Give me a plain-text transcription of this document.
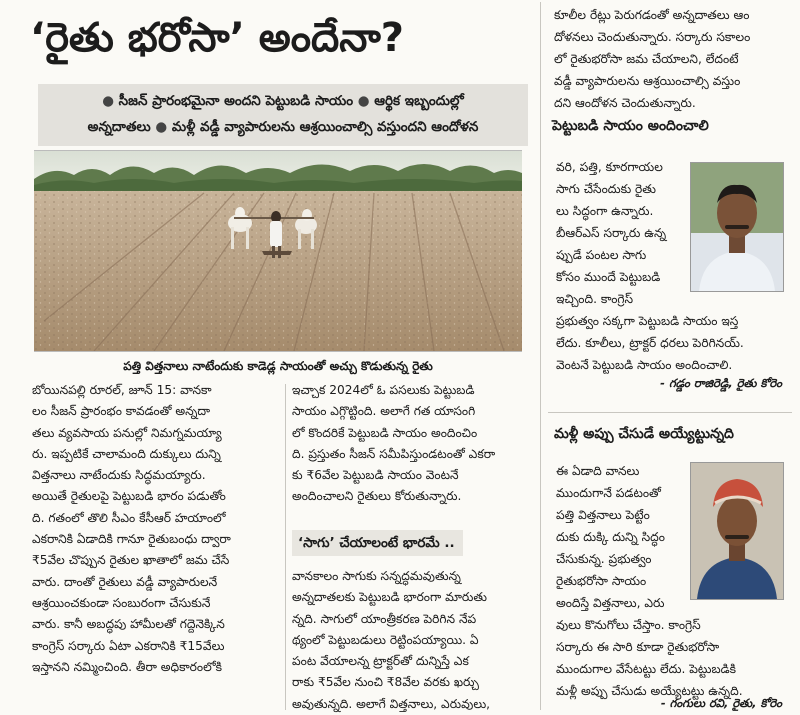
‘రైతు భరోసా’ అందేనా?
● సీజన్‌ ప్రారంభమైనా అందని పెట్టుబడి సాయం ● ఆర్థిక ఇబ్బందుల్లో
అన్నదాతలు ● మళ్లీ వడ్డీ వ్యాపారులను ఆశ్రయించాల్సి వస్తుందని ఆందోళన
పత్తి విత్తనాలు నాటేందుకు కాడెడ్ల సాయంతో అచ్చు కొడుతున్న రైతు

బోయినపల్లి రూరల్‌, జూన్‌ 15: వానకా

లం సీజన్‌ ప్రారంభం కావడంతో అన్నదా

తలు వ్యవసాయ పనుల్లో నిమగ్నమయ్యా

రు. ఇప్పటికే చాలామంది దుక్కులు దున్ని

విత్తనాలు నాటేందుకు సిద్ధమయ్యారు.

అయితే రైతులపై పెట్టుబడి భారం పడుతోం

ది. గతంలో తొలి సీఎం కేసీఆర్‌ హయాంలో

ఎకరానికి ఏడాదికి గానూ రైతుబంధు ద్వారా

₹5వేల చొప్పున రైతుల ఖాతాలో జమ చేసే

వారు. దాంతో రైతులు వడ్డీ వ్యాపారులనే

ఆశ్రయించకుండా సంబురంగా చేసుకునే

వారు. కానీ అబద్ధపు హామీలతో గద్దెనెక్కిన

కాంగ్రెస్‌ సర్కారు ఏటా ఎకరానికి ₹15వేలు

ఇస్తానని నమ్మించింది. తీరా అధికారంలోకి

ఇచ్చాక 2024లో ఓ పసలుకు పెట్టుబడి

సాయం ఎగ్గొట్టింది. అలాగే గత యాసంగి

లో కొందరికే పెట్టుబడి సాయం అందించిం

ది. ప్రస్తుతం సీజన్‌ సమీపిస్తుండటంతో ఎకరా

కు ₹6వేల పెట్టుబడి సాయం వెంటనే

అందించాలని రైతులు కోరుతున్నారు.

‘సాగు’ చేయాలంటే భారమే ..

వానకాలం సాగుకు సన్నద్ధమవుతున్న

అన్నదాతలకు పెట్టుబడి భారంగా మారుతు

న్నది. సాగులో యాంత్రీకరణ పెరిగిన నేప

థ్యంలో పెట్టుబడులు రెట్టింపయ్యాయి. ఏ

పంట వేయాలన్న ట్రాక్టర్‌తో దున్నిస్తే ఎక

రాకు ₹5వేల నుంచి ₹8వేల వరకు ఖర్చు

అవుతున్నది. అలాగే విత్తనాలు, ఎరువులు,

కూలీల రేట్లు పెరుగడంతో అన్నదాతలు ఆం
దోళనలు చెందుతున్నారు. సర్కారు సకాలం
లో రైతుభరోసా జమ చేయాలని, లేదంటే
వడ్డీ వ్యాపారులను ఆశ్రయించాల్సి వస్తుం
దని ఆందోళన చెందుతున్నారు.
పెట్టుబడి సాయం అందించాలి
వరి, పత్తి, కూరగాయల
సాగు చేసేందుకు రైతు
లు సిద్ధంగా ఉన్నారు.
బీఆర్‌ఎస్‌ సర్కారు ఉన్న
ప్పుడే పంటల సాగు
కోసం ముందే పెట్టుబడి
ఇచ్చింది. కాంగ్రెస్‌
ప్రభుత్వం సక్కగా పెట్టుబడి సాయం ఇస్త
లేదు. కూలీలు, ట్రాక్టర్‌ ధరలు పెరిగినయ్‌.
వెంటనే పెట్టుబడి సాయం అందించాలి.
- గడ్డం రాజిరెడ్డి, రైతు కోరెం
మళ్లీ అప్పు చేసుడే అయ్యేట్టున్నది
ఈ ఏడాది వానలు
ముందుగానే పడటంతో
పత్తి విత్తనాలు పెట్టేం
దుకు దుక్కి దున్ని సిద్ధం
చేసుకున్న. ప్రభుత్వం
రైతుభరోసా సాయం
అందిస్తే విత్తనాలు, ఎరు
వులు కొనుగోలు చేస్తాం. కాంగ్రెస్‌
సర్కారు ఈ సారి కూడా రైతుభరోసా
ముందుగాల వేసేటట్టు లేదు. పెట్టుబడికి
మళ్లీ అప్పు చేసుడు అయ్యేటట్టు ఉన్నది.
- గంగులు రవి, రైతు, కోరెం
